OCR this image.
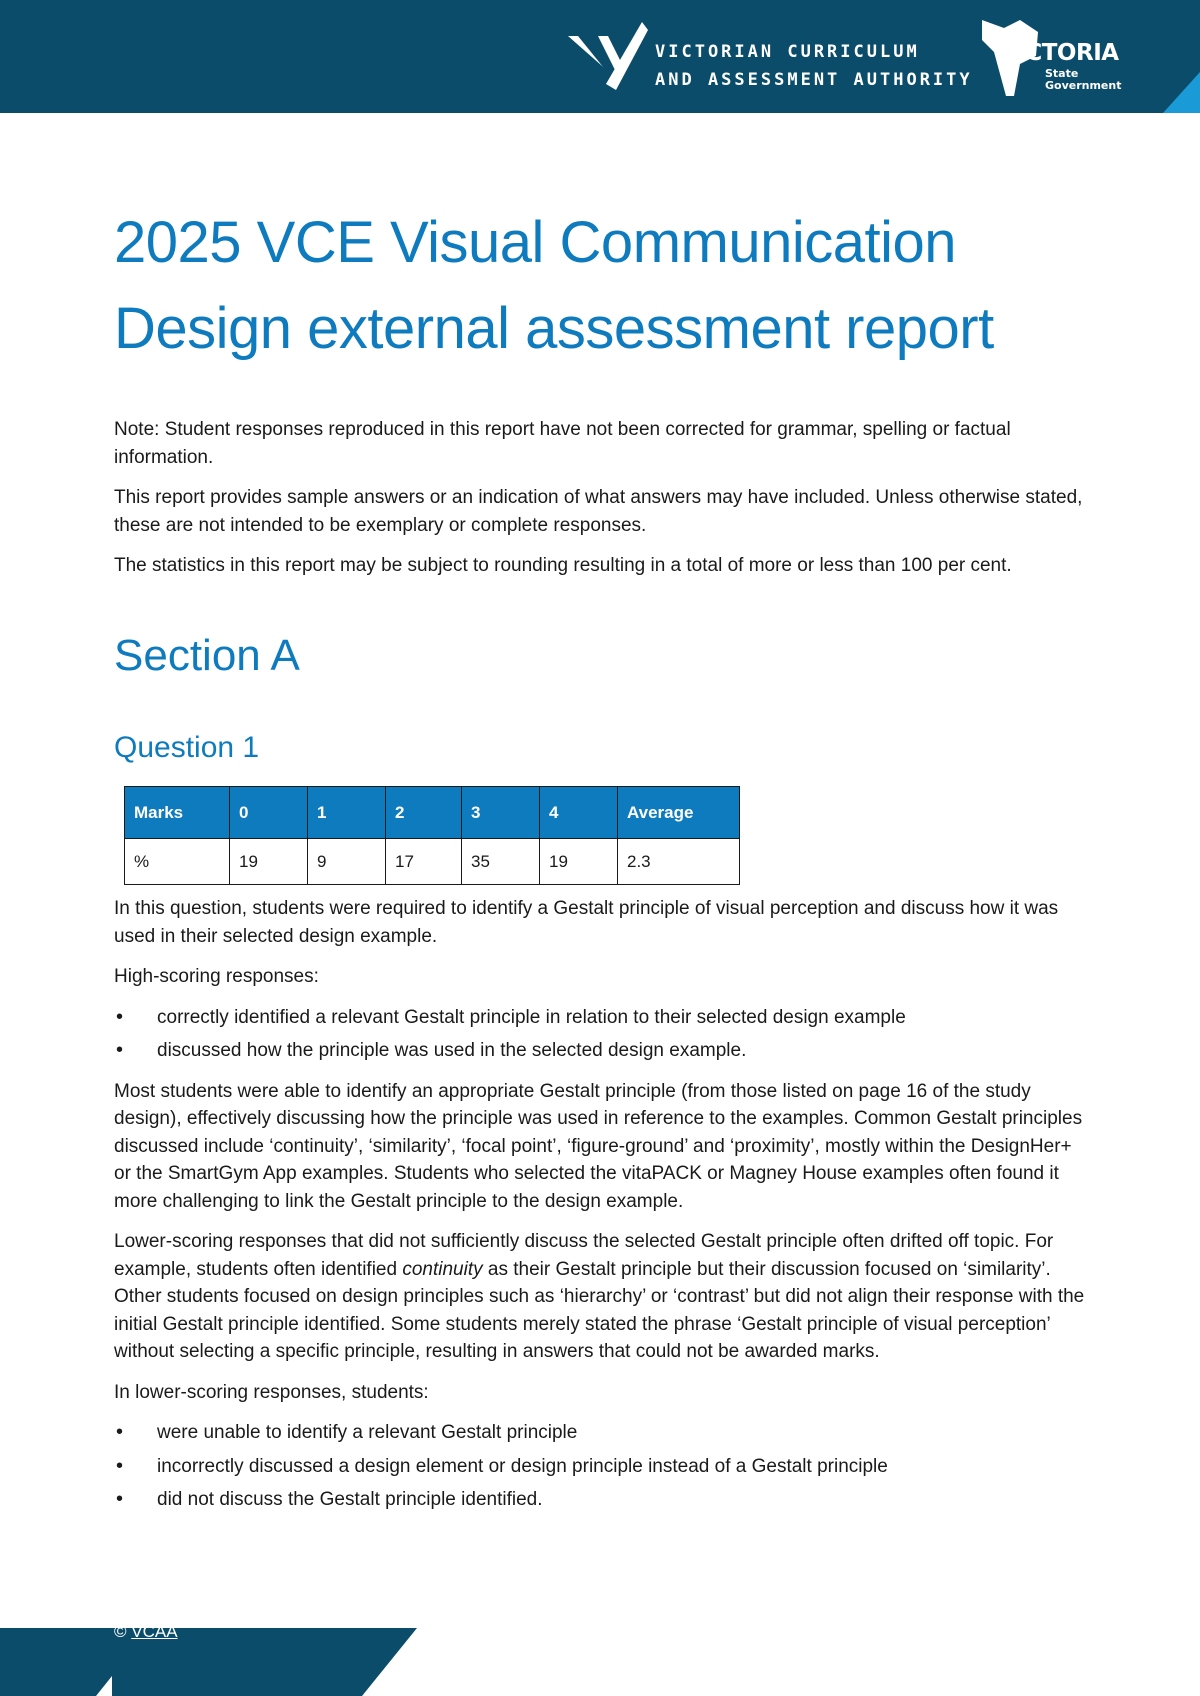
VICTORIAN CURRICULUM
AND ASSESSMENT AUTHORITY
VICTORIA
State
Government
2025 VCE Visual Communication
Design external assessment report

Note: Student responses reproduced in this report have not been corrected for grammar, spelling or factual information.

This report provides sample answers or an indication of what answers may have included. Unless otherwise stated, these are not intended to be exemplary or complete responses.

The statistics in this report may be subject to rounding resulting in a total of more or less than 100 per cent.

Section A
Question 1
Marks	0	1	2	3	4	Average
%	19	9	17	35	19	2.3

In this question, students were required to identify a Gestalt principle of visual perception and discuss how it was used in their selected design example.

High-scoring responses:

• correctly identified a relevant Gestalt principle in relation to their selected design example
• discussed how the principle was used in the selected design example.

Most students were able to identify an appropriate Gestalt principle (from those listed on page 16 of the study design), effectively discussing how the principle was used in reference to the examples. Common Gestalt principles discussed include ‘continuity’, ‘similarity’, ‘focal point’, ‘figure-ground’ and ‘proximity’, mostly within the DesignHer+ or the SmartGym App examples. Students who selected the vitaPACK or Magney House examples often found it more challenging to link the Gestalt principle to the design example.

Lower-scoring responses that did not sufficiently discuss the selected Gestalt principle often drifted off topic. For example, students often identified continuity as their Gestalt principle but their discussion focused on ‘similarity’. Other students focused on design principles such as ‘hierarchy’ or ‘contrast’ but did not align their response with the initial Gestalt principle identified. Some students merely stated the phrase ‘Gestalt principle of visual perception’ without selecting a specific principle, resulting in answers that could not be awarded marks.

In lower-scoring responses, students:

• were unable to identify a relevant Gestalt principle
• incorrectly discussed a design element or design principle instead of a Gestalt principle
• did not discuss the Gestalt principle identified.
© VCAA
